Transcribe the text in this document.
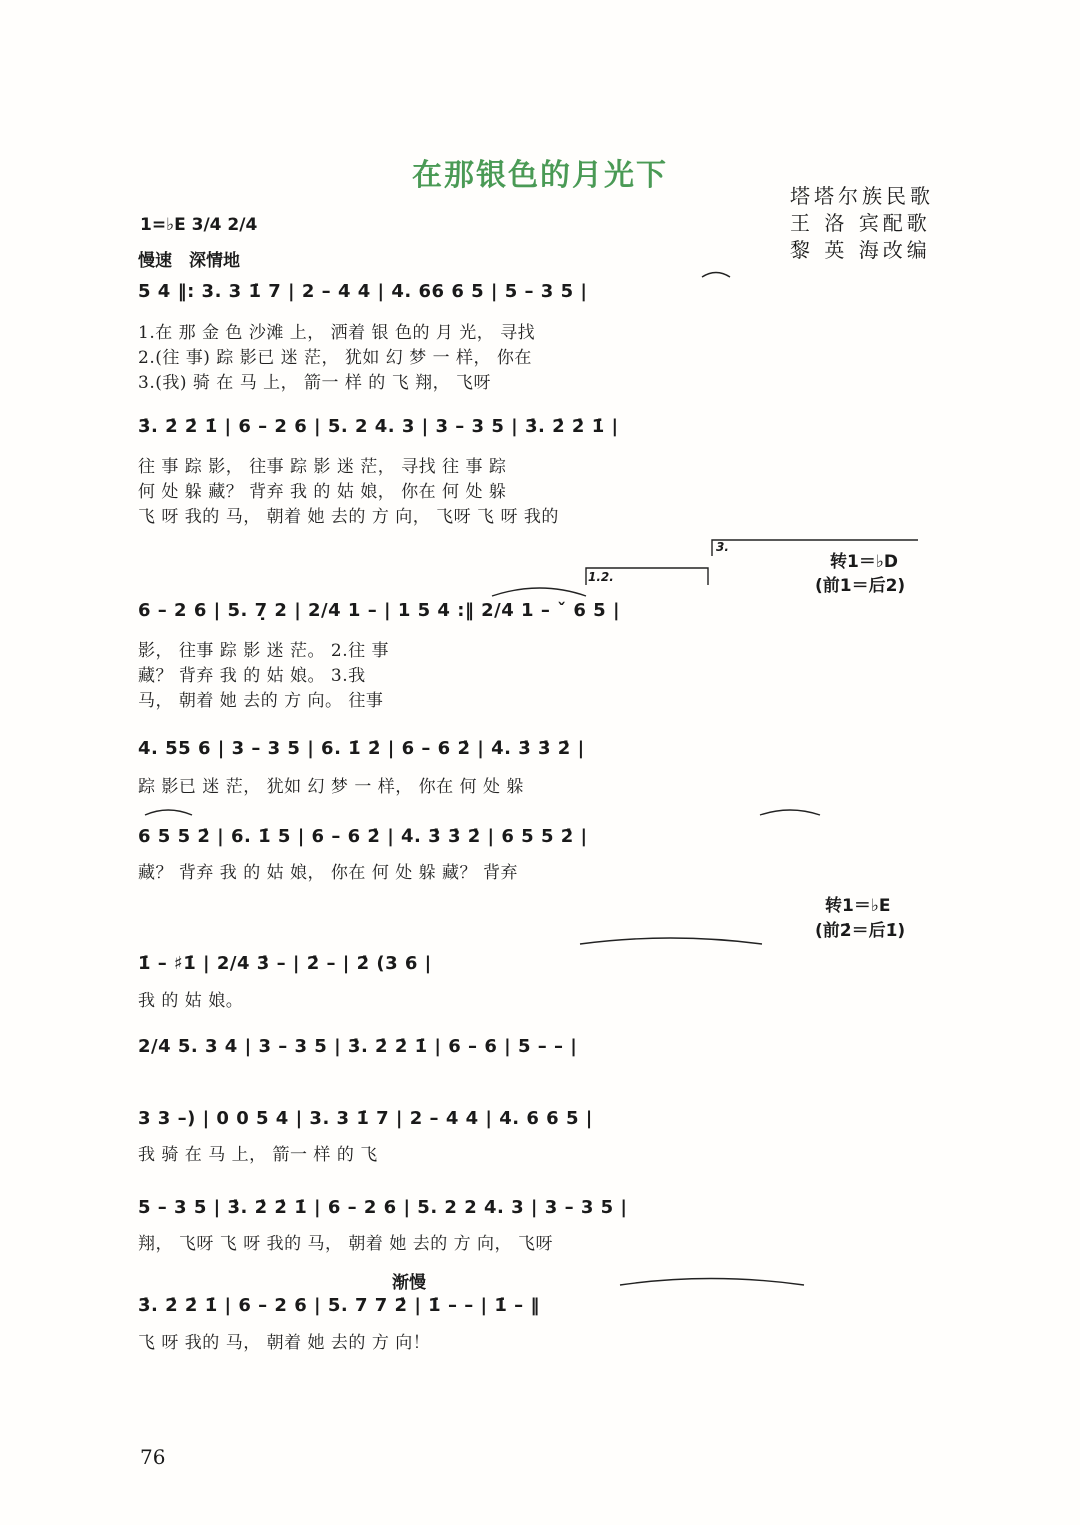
在那银色的月光下
塔塔尔族民歌
王 洛 宾配歌
黎 英 海改编
1=♭E 3/4 2/4
慢速　深情地
5 4 ‖: 3. 3 1̇ 7 | 2 – 4 4 | 4. 66 6 5 | 5 – 3 5 |
1.在 那 金 色 沙滩 上， 洒着 银 色的 月 光， 寻找
2.(往 事) 踪 影已 迷 茫， 犹如 幻 梦 一 样， 你在
3.(我) 骑 在 马 上， 箭一 样 的 飞 翔， 飞呀
3̇. 2̇ 2̇ 1̇ | 6 – 2 6 | 5. 2 4. 3 | 3 – 3 5 | 3̇. 2̇ 2̇ 1̇ |
往 事 踪 影， 往事 踪 影 迷 茫， 寻找 往 事 踪
何 处 躲 藏？ 背弃 我 的 姑 娘， 你在 何 处 躲
飞 呀 我的 马， 朝着 她 去的 方 向， 飞呀 飞 呀 我的
1.2.
3.
转1＝♭D
(前1＝后2)
6 – 2 6 | 5. 7̣ 2 | 2/4 1 – | 1 5 4 :‖ 2/4 1 – ˇ 6 5 |
影， 往事 踪 影 迷 茫。 2.往 事
藏？ 背弃 我 的 姑 娘。 3.我
马， 朝着 她 去的 方 向。 往事
4. 55 6 | 3 – 3 5 | 6. 1̇ 2̇ | 6 – 6 2̇ | 4̇. 3̇ 3̇ 2̇ |
踪 影已 迷 茫， 犹如 幻 梦 一 样， 你在 何 处 躲
6 5 5 2̇ | 6. 1̇ 5 | 6 – 6 2̇ | 4̇. 3̇ 3̇ 2̇ | 6 5 5 2̇ |
藏？ 背弃 我 的 姑 娘， 你在 何 处 躲 藏？ 背弃
转1＝♭E
(前2̇＝后1̇)
1̇ – ♯1̇ | 2/4 3̇ – | 2̇ – | 2̇ (3 6 |
我 的 姑 娘。
2/4 5. 3 4 | 3 – 3 5 | 3̇. 2̇ 2̇ 1̇ | 6 – 6 | 5 – – |
3 3 –) | 0 0 5 4 | 3. 3 1̇ 7 | 2 – 4 4 | 4. 6 6 5 |
我 骑 在 马 上， 箭一 样 的 飞
5 – 3 5 | 3̇. 2̇ 2̇ 1̇ | 6 – 2 6 | 5. 2 2 4. 3 | 3 – 3 5 |
翔， 飞呀 飞 呀 我的 马， 朝着 她 去的 方 向， 飞呀
渐慢
3̇. 2̇ 2̇ 1̇ | 6 – 2 6 | 5. 7 7 2̇ | 1̇ – – | 1̇ – ‖
飞 呀 我的 马， 朝着 她 去的 方 向！
76
